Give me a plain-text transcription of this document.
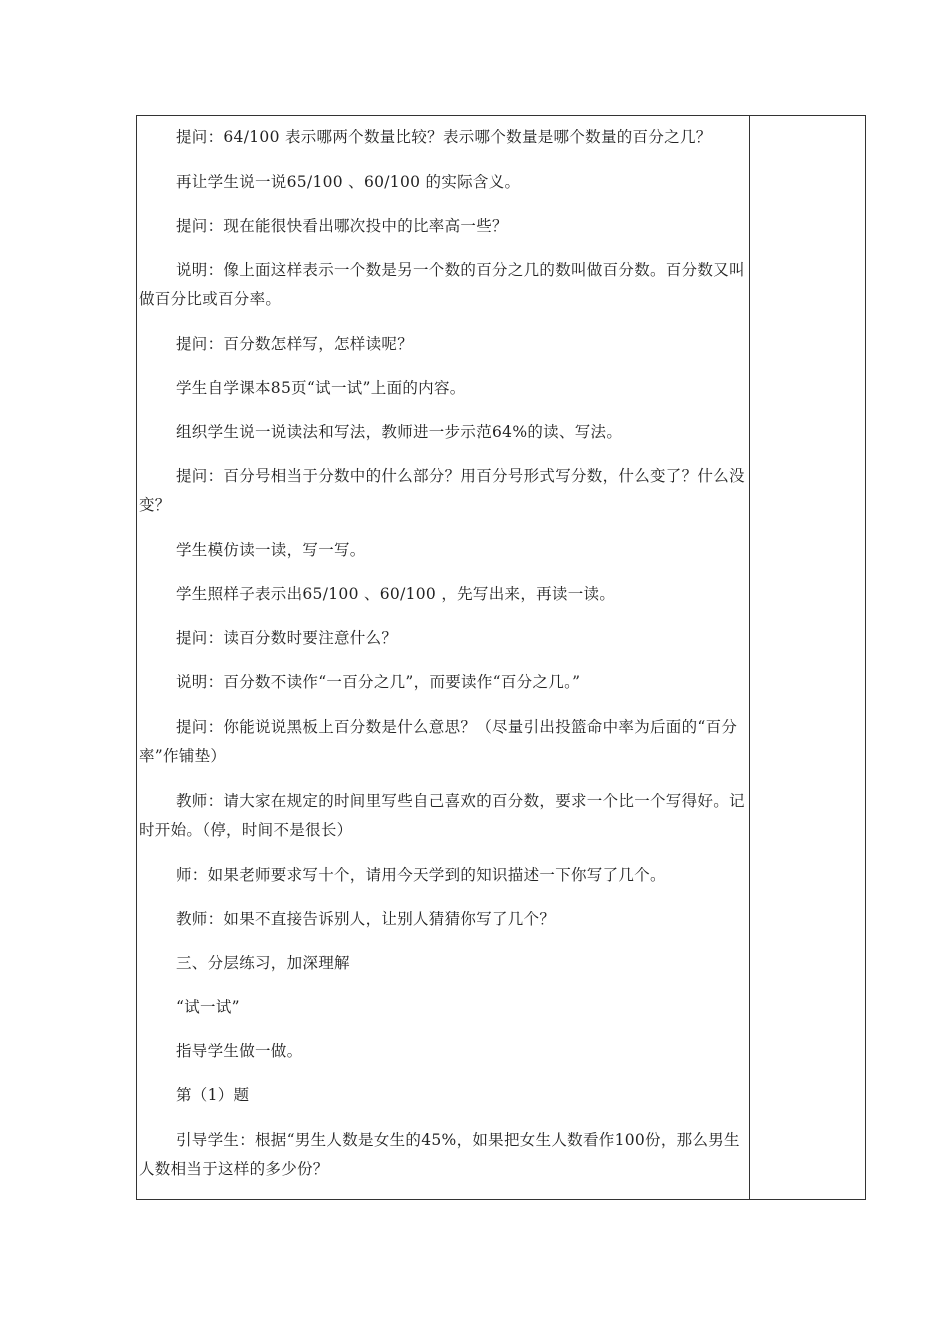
提问：64/100 表示哪两个数量比较？表示哪个数量是哪个数量的百分之几？

再让学生说一说65/100 、60/100 的实际含义。

提问：现在能很快看出哪次投中的比率高一些？

说明：像上面这样表示一个数是另一个数的百分之几的数叫做百分数。百分数又叫做百分比或百分率。

提问：百分数怎样写，怎样读呢？

学生自学课本85页“试一试”上面的内容。

组织学生说一说读法和写法，教师进一步示范64%的读、写法。

提问：百分号相当于分数中的什么部分？用百分号形式写分数，什么变了？什么没变？

学生模仿读一读，写一写。

学生照样子表示出65/100 、60/100 ，先写出来，再读一读。

提问：读百分数时要注意什么？

说明：百分数不读作“一百分之几”，而要读作“百分之几。”

提问：你能说说黑板上百分数是什么意思？（尽量引出投篮命中率为后面的“百分率”作铺垫）

教师：请大家在规定的时间里写些自己喜欢的百分数，要求一个比一个写得好。记时开始。（停，时间不是很长）

师：如果老师要求写十个，请用今天学到的知识描述一下你写了几个。

教师：如果不直接告诉别人，让别人猜猜你写了几个？

三、分层练习，加深理解

“试一试”

指导学生做一做。

第（1）题

引导学生：根据“男生人数是女生的45%，如果把女生人数看作100份，那么男生人数相当于这样的多少份？
